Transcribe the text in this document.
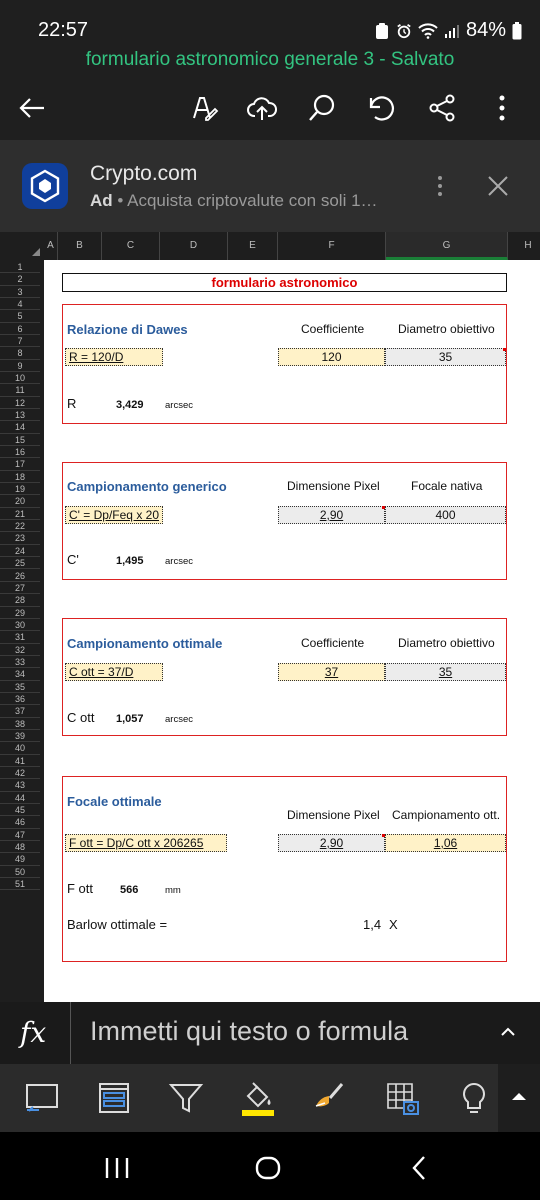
22:57	84%
formulario astronomico generale 3 - Salvato
Crypto.com
Ad • Acquista criptovalute con soli 1…
A	B	C	D	E	F	G	H
1
2
3
4
5
6
7
8
9
10
11
12
13
14
15
16
17
18
19
20
21
22
23
24
25
26
27
28
29
30
31
32
33
34
35
36
37
38
39
40
41
42
43
44
45
46
47
48
49
50
51
formulario astronomico
Relazione di Dawes	Coefficiente	Diametro obiettivo
R = 120/D	120	35
R	3,429 arcsec
Campionamento generico	Dimensione Pixel	Focale nativa
C' = Dp/Feq x 20	2,90	400
C'	1,495 arcsec
Campionamento ottimale	Coefficiente	Diametro obiettivo
C ott = 37/D	37	35
C ott 1,057 arcsec
Focale ottimale
Dimensione Pixel Campionamento ott.
F ott = Dp/C ott x 206265	2,90	1,06
F ott 566	mm
Barlow ottimale =	1,4 X
fx Immetti qui testo o formula
